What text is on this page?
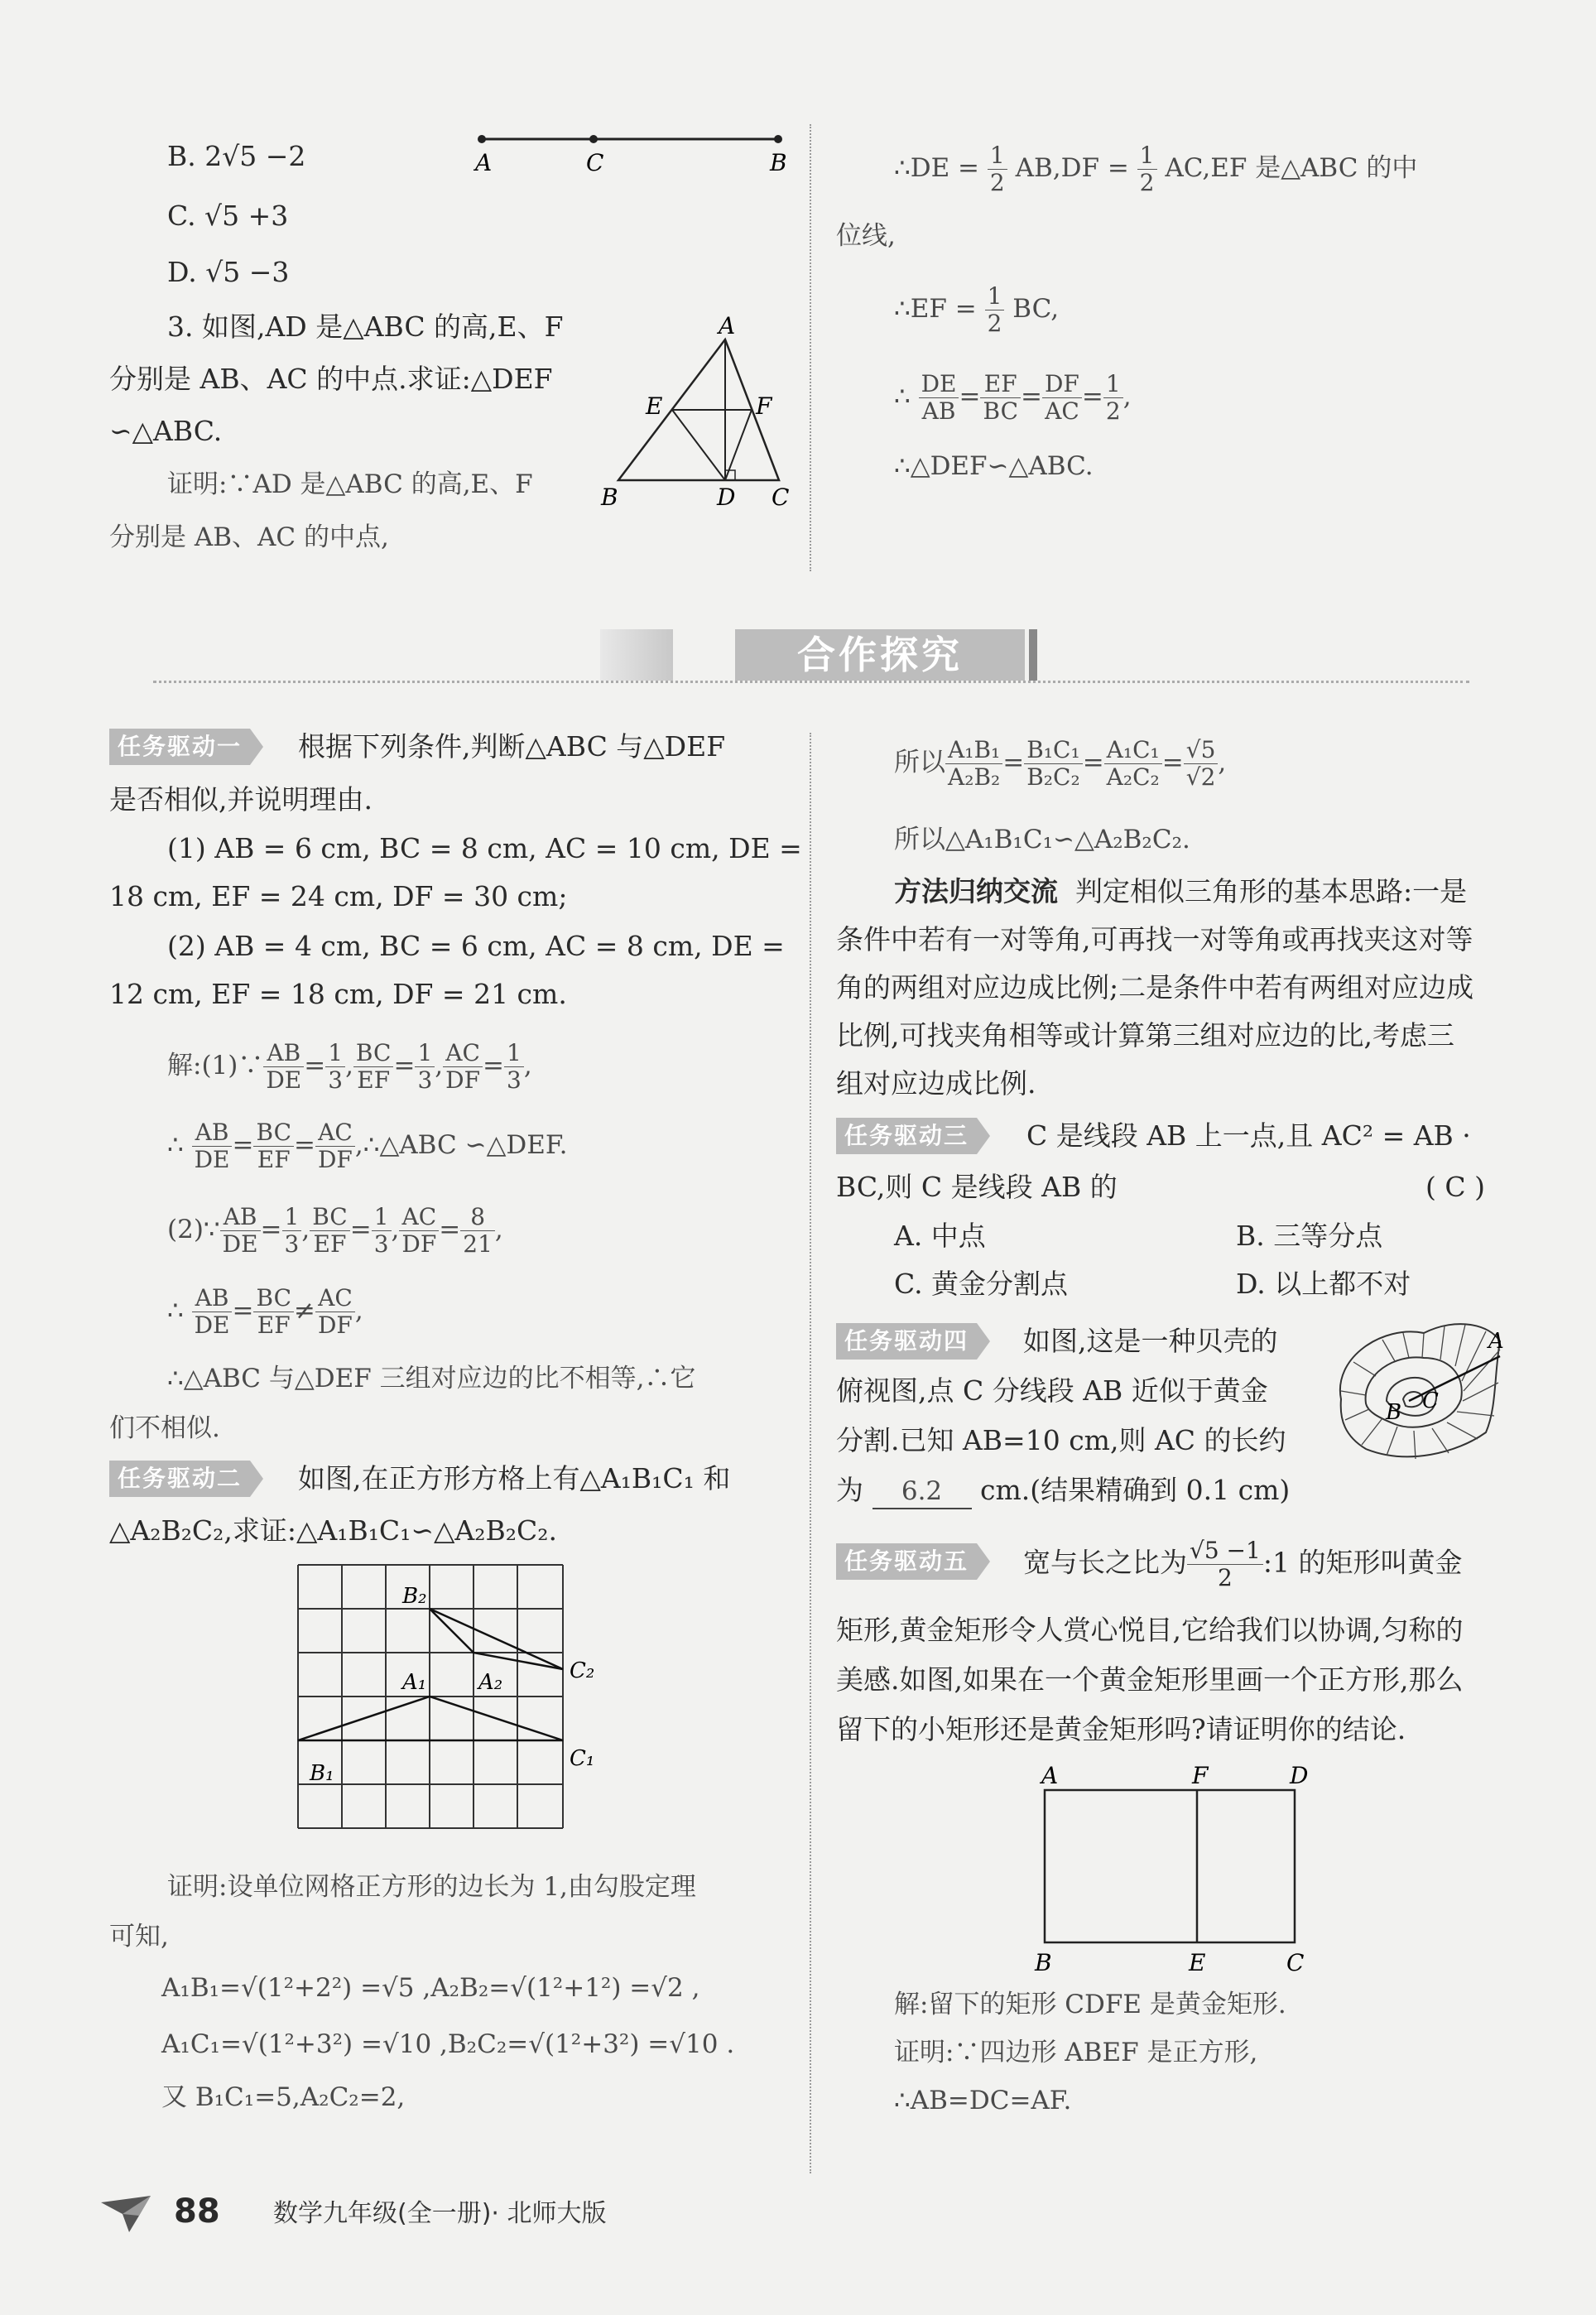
B. 2√5 −2
C. √5 +3
D. √5 −3
A	C	B
3. 如图,AD 是△ABC 的高,E、F
分别是 AB、AC 的中点.求证:△DEF
∽△ABC.
证明:∵AD 是△ABC 的高,E、F
分别是 AB、AC 的中点,
A
E	F
B	D C
∴DE = $\frac{1}{2} AB,DF = \frac{1}{2} AC,EF$ 是△ABC 的中
位线,
∴EF = $\frac{1}{2}$ BC,
∴ $\frac{DE}{AB} = \frac{EF}{BC} = \frac{DF}{AC} = \frac{1}{2}$ ,
∴△DEF∽△ABC.
合作探究
任务驱动一	根据下列条件,判断△ABC 与△DEF
是否相似,并说明理由.
(1) AB = 6 cm, BC = 8 cm, AC = 10 cm, DE =
18 cm, EF = 24 cm, DF = 30 cm;
(2) AB = 4 cm, BC = 6 cm, AC = 8 cm, DE =
12 cm, EF = 18 cm, DF = 21 cm.
解:(1)∵ $\frac{AB}{DE} = \frac{1}{3}$ , $\frac{BC}{EF} = \frac{1}{3}$ , $\frac{AC}{DF} = \frac{1}{3}$ ,
∴ $\frac{AB}{DE} = \frac{BC}{EF} = \frac{AC}{DF}$ ,∴△ABC ∽△DEF.
(2)∵ $\frac{AB}{DE} = \frac{1}{3}$ , $\frac{BC}{EF} = \frac{1}{3}$ , $\frac{AC}{DF} = \frac{8}{21}$ ,
∴ $\frac{AB}{DE} = \frac{BC}{EF} \ne \frac{AC}{DF}$ ,
∴△ABC 与△DEF 三组对应边的比不相等,∴它
们不相似.
任务驱动二	如图,在正方形方格上有△A₁B₁C₁ 和
△A₂B₂C₂,求证:△A₁B₁C₁∽△A₂B₂C₂.
B₂
C₂
A₁ A₂
C₁
B₁
证明:设单位网格正方形的边长为 1,由勾股定理
可知,
A₁B₁=√(1²+2²) =√5 ,A₂B₂=√(1²+1²) =√2 ,
A₁C₁=√(1²+3²) =√10 ,B₂C₂=√(1²+3²) =√10 .
又 B₁C₁=5,A₂C₂=2,
所以 $\frac{\text{A₁B₁}}{\text{A₂B₂}} = \frac{\text{B₁C₁}}{\text{B₂C₂}} = \frac{\text{A₁C₁}}{\text{A₂C₂}} = \frac{√5}{√2}$ ,
所以△A₁B₁C₁∽△A₂B₂C₂.
方法归纳交流 判定相似三角形的基本思路:一是
条件中若有一对等角,可再找一对等角或再找夹这对等
角的两组对应边成比例;二是条件中若有两组对应边成
比例,可找夹角相等或计算第三组对应边的比,考虑三
组对应边成比例.
任务驱动三	C 是线段 AB 上一点,且 AC² = AB ·
BC,则 C 是线段 AB 的	( C )
A. 中点	B. 三等分点
C. 黄金分割点	D. 以上都不对
任务驱动四	如图,这是一种贝壳的
俯视图,点 C 分线段 AB 近似于黄金
分割.已知 AB=10 cm,则 AC 的长约
为 6.2 cm.(结果精确到 0.1 cm)
A
B C
任务驱动五	宽与长之比为 $\frac{√5 -1}{2}$ :1 的矩形叫黄金
矩形,黄金矩形令人赏心悦目,它给我们以协调,匀称的
美感.如图,如果在一个黄金矩形里画一个正方形,那么
留下的小矩形还是黄金矩形吗?请证明你的结论.
A	F	D
B	E	C
解:留下的矩形 CDFE 是黄金矩形.
证明:∵四边形 ABEF 是正方形,
∴AB=DC=AF.
88 数学九年级(全一册)· 北师大版
